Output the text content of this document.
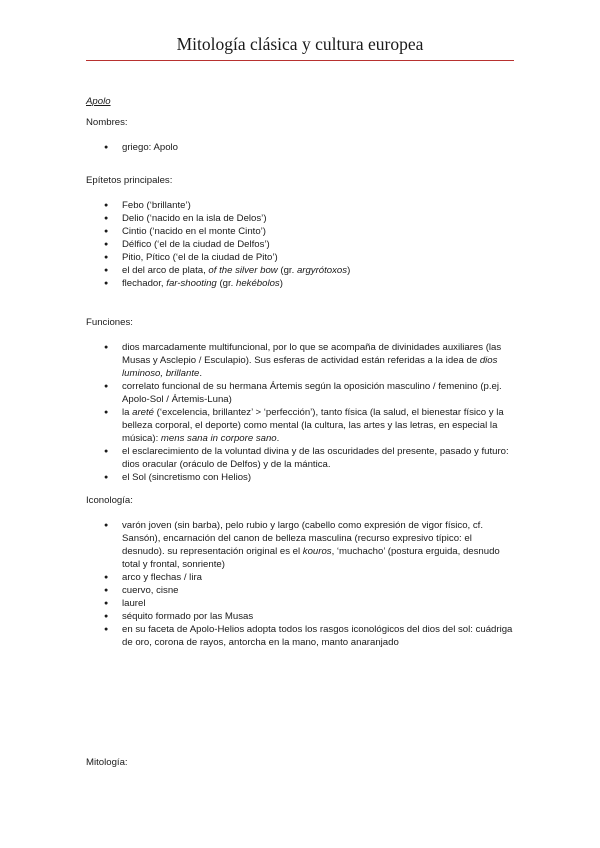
Mitología clásica y cultura europea
Apolo
Nombres:
● griego: Apolo
Epítetos principales:
● Febo (‘brillante’)
● Delio (‘nacido en la isla de Delos’)
● Cintio (‘nacido en el monte Cinto’)
● Délfico (‘el de la ciudad de Delfos’)
● Pitio, Pítico (‘el de la ciudad de Pito’)
● el del arco de plata, of the silver bow (gr. argyrótoxos)
● flechador, far-shooting (gr. hekébolos)
Funciones:
● dios marcadamente multifuncional, por lo que se acompaña de divinidades auxiliares (las Musas y Asclepio / Esculapio). Sus esferas de actividad están referidas a la idea de dios luminoso, brillante.
● correlato funcional de su hermana Ártemis según la oposición masculino / femenino (p.ej. Apolo-Sol / Ártemis-Luna)
● la areté (‘excelencia, brillantez’ > ‘perfección’), tanto física (la salud, el bienestar físico y la belleza corporal, el deporte) como mental (la cultura, las artes y las letras, en especial la música): mens sana in corpore sano.
● el esclarecimiento de la voluntad divina y de las oscuridades del presente, pasado y futuro: dios oracular (oráculo de Delfos) y de la mántica.
● el Sol (sincretismo con Helios)
Iconología:
● varón joven (sin barba), pelo rubio y largo (cabello como expresión de vigor físico, cf. Sansón), encarnación del canon de belleza masculina (recurso expresivo típico: el desnudo). su representación original es el kouros, ‘muchacho’ (postura erguida, desnudo total y frontal, sonriente)
● arco y flechas / lira
● cuervo, cisne
● laurel
● séquito formado por las Musas
● en su faceta de Apolo-Helios adopta todos los rasgos iconológicos del dios del sol: cuádriga de oro, corona de rayos, antorcha en la mano, manto anaranjado
Mitología:
